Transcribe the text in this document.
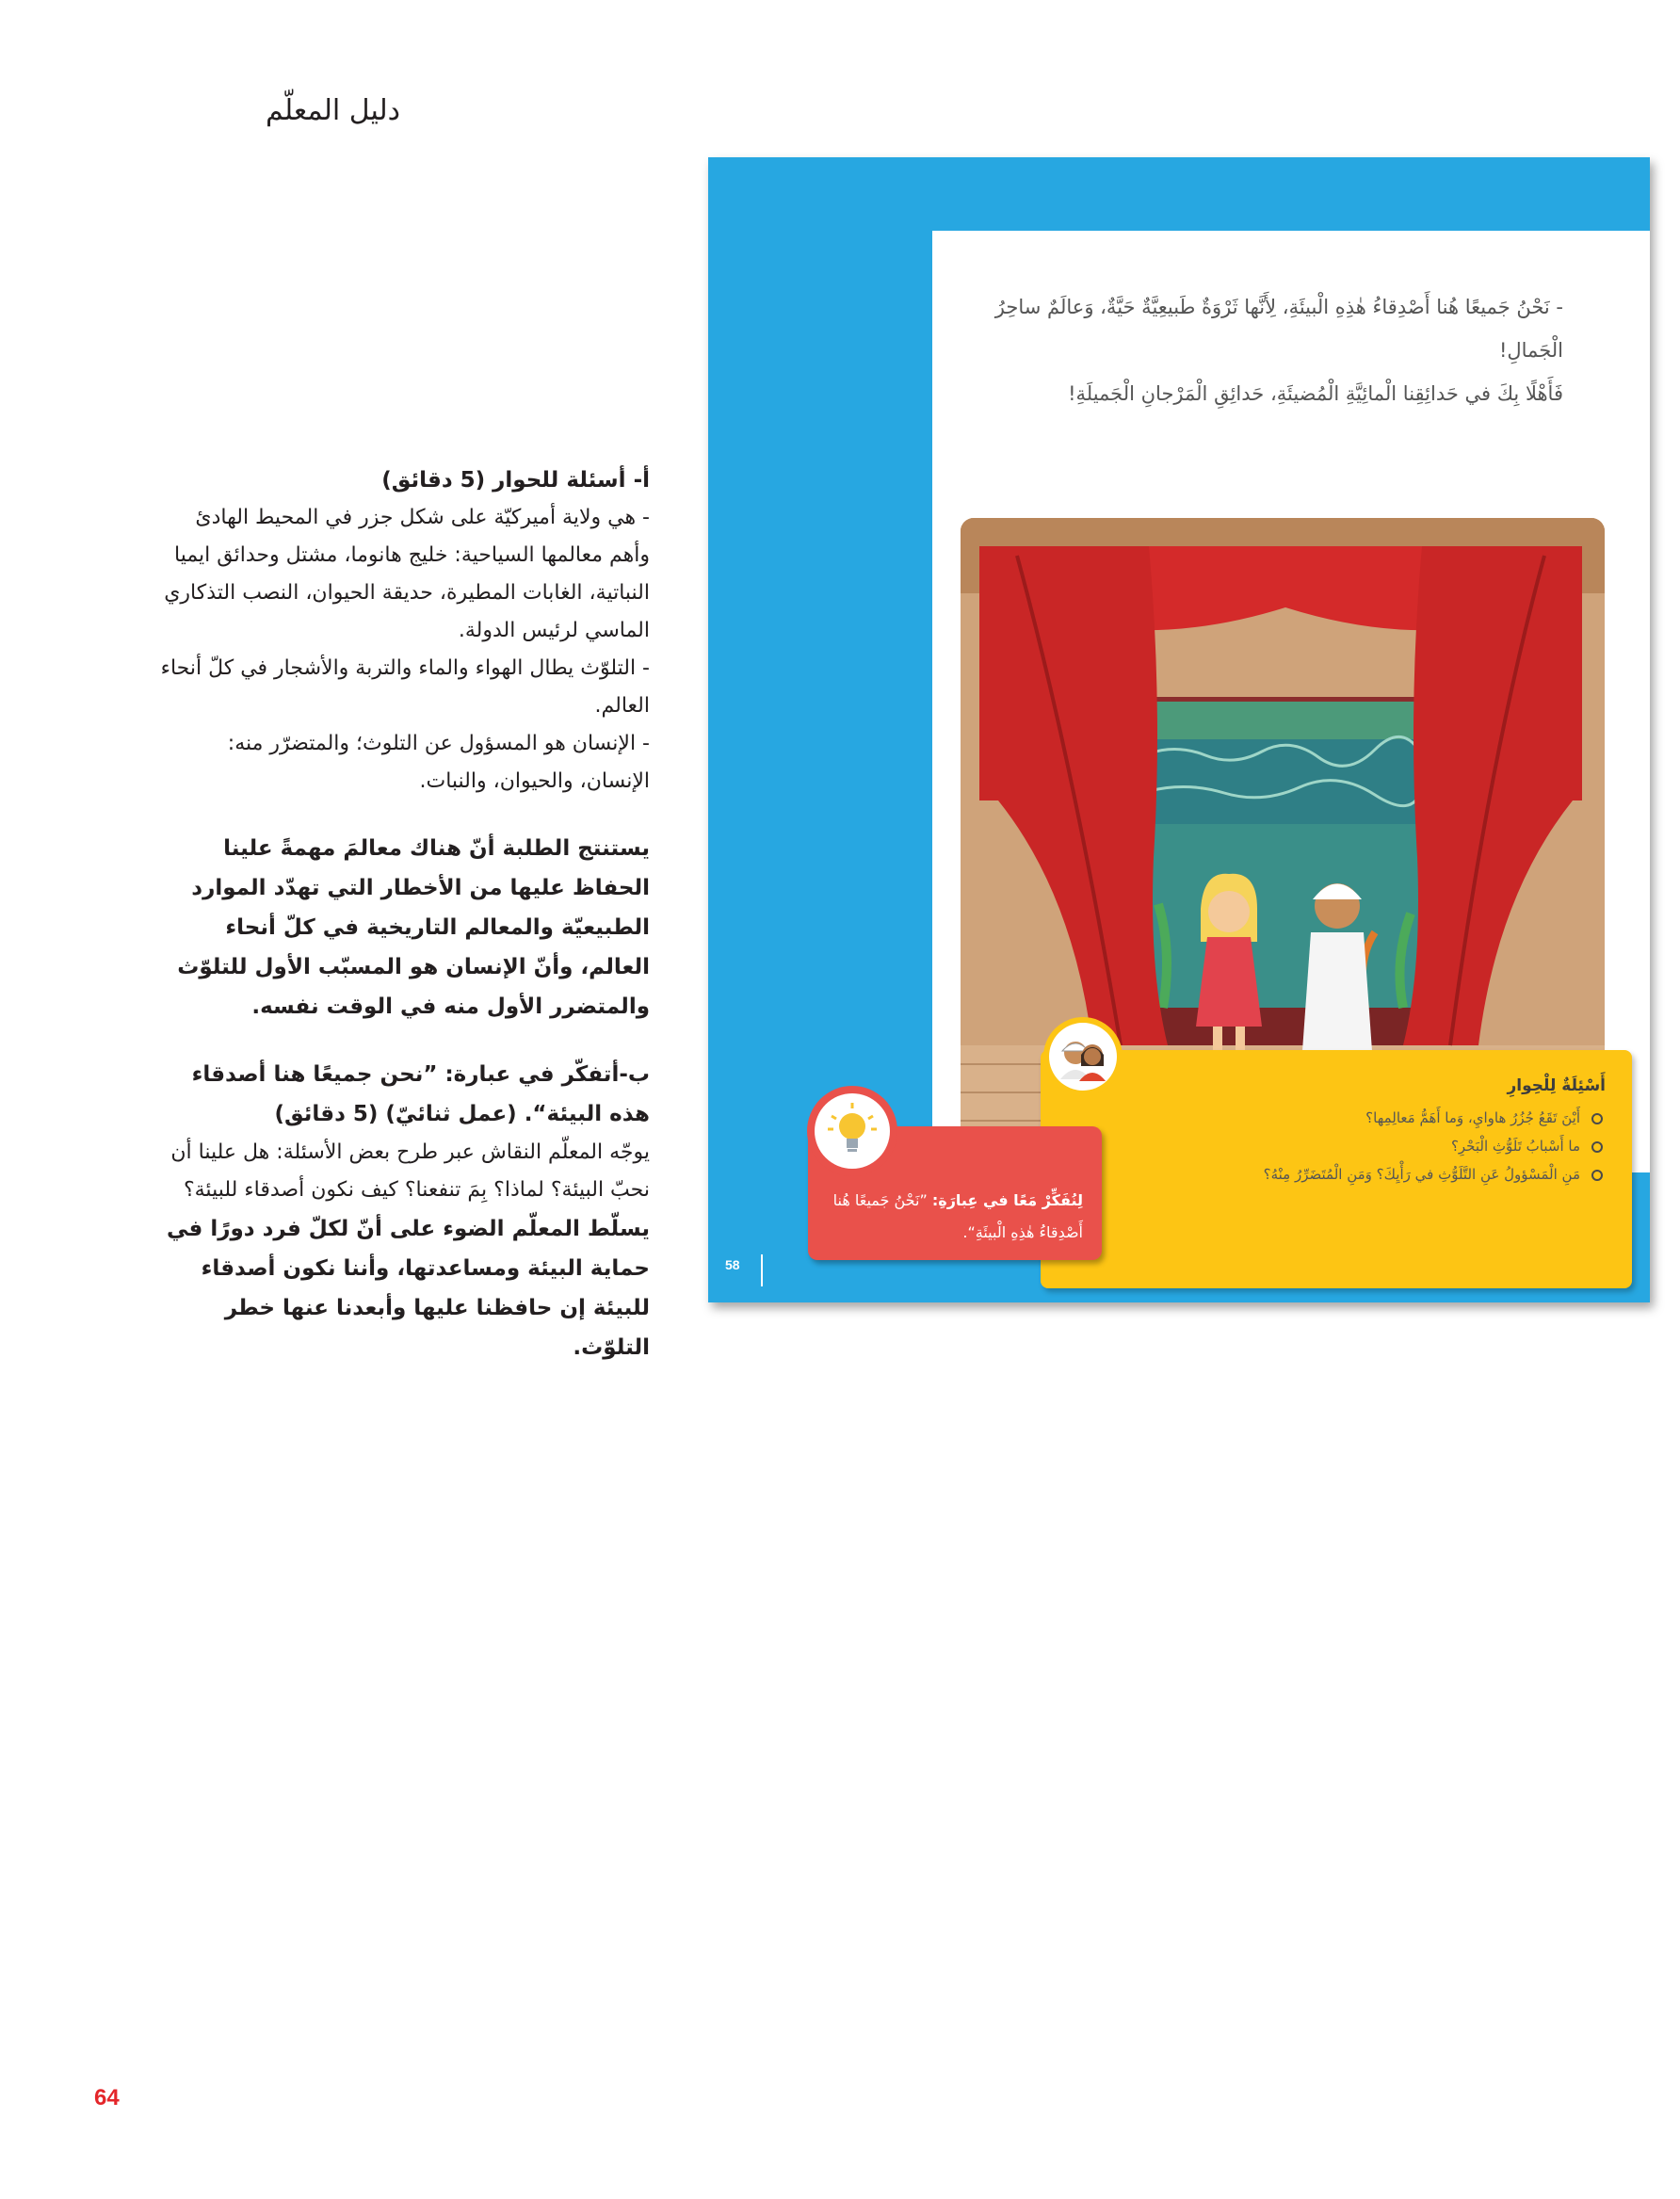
دليل المعلّم

أ- أسئلة للحوار (5 دقائق)

- هي ولاية أميركيّة على شكل جزر في المحيط الهادئ وأهم معالمها السياحية: خليج هانوما، مشتل وحدائق ايميا النباتية، الغابات المطيرة، حديقة الحيوان، النصب التذكاري الماسي لرئيس الدولة.

- التلوّث يطال الهواء والماء والتربة والأشجار في كلّ أنحاء العالم.

- الإنسان هو المسؤول عن التلوث؛ والمتضرّر منه: الإنسان، والحيوان، والنبات.

يستنتج الطلبة أنّ هناك معالمَ مهمةً علينا الحفاظ عليها من الأخطار التي تهدّد الموارد الطبيعيّة والمعالم التاريخية في كلّ أنحاء العالم، وأنّ الإنسان هو المسبّب الأول للتلوّث والمتضرر الأول منه في الوقت نفسه.

ب-أتفكّر في عبارة: ”نحن جميعًا هنا أصدقاء هذه البيئة“. (عمل ثنائيّ) (5 دقائق)

يوجّه المعلّم النقاش عبر طرح بعض الأسئلة: هل علينا أن نحبّ البيئة؟ لماذا؟ بِمَ تنفعنا؟ كيف نكون أصدقاء للبيئة؟

يسلّط المعلّم الضوء على أنّ لكلّ فرد دورًا في حماية البيئة ومساعدتها، وأننا نكون أصدقاء للبيئة إن حافظنا عليها وأبعدنا عنها خطر التلوّث.

- نَحْنُ جَميعًا هُنا أَصْدِقاءُ هٰذِهِ الْبيئَةِ، لِأَنَّها ثَرْوَةٌ طَبيعِيَّةٌ حَيَّةٌ، وَعالَمٌ ساحِرُ الْجَمالِ!

فَأَهْلًا بِكَ في حَدائِقِنا الْمائِيَّةِ الْمُضيئَةِ، حَدائِقِ الْمَرْجانِ الْجَميلَةِ!

أَسْئِلَةٌ لِلْحِوارِ
أَيْنَ تَقَعُ جُزُرُ هاوايِ، وَما أَهَمُّ مَعالِمِها؟
ما أَسْبابُ تَلَوُّثِ الْبَحْرِ؟
مَنِ الْمَسْؤولُ عَنِ التَّلَوُّثِ في رَأْيِكَ؟ وَمَنِ الْمُتَضَرِّرُ مِنْهُ؟
لِنُفَكِّرْ مَعًا في عِبارَةِ: ”نَحْنُ جَميعًا هُنا أَصْدِقاءُ هٰذِهِ الْبيئَةِ“.
58
64
